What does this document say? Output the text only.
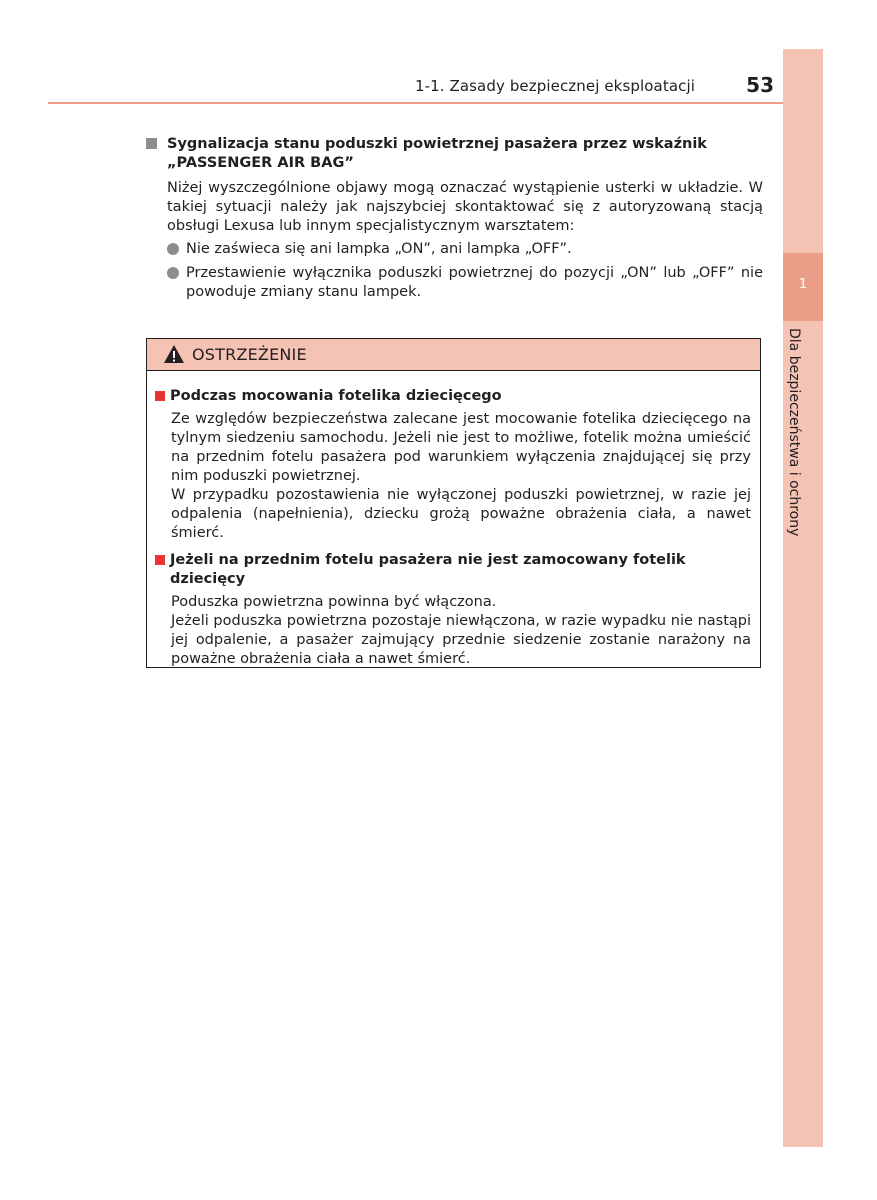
1-1. Zasady bezpiecznej eksploatacji	53
1
Dla bezpieczeństwa i ochrony
Sygnalizacja stanu poduszki powietrznej pasażera przez wskaźnik „PASSENGER AIR BAG”
Niżej wyszczególnione objawy mogą oznaczać wystąpienie usterki w układzie. W takiej sytuacji należy jak najszybciej skontaktować się z autoryzowaną stacją obsługi Lexusa lub innym specjalistycznym warsztatem:
Nie zaświeca się ani lampka „ON”, ani lampka „OFF”.
Przestawienie wyłącznika poduszki powietrznej do pozycji „ON” lub „OFF” nie powoduje zmiany stanu lampek.
OSTRZEŻENIE
Podczas mocowania fotelika dziecięcego

Ze względów bezpieczeństwa zalecane jest mocowanie fotelika dziecięcego na tylnym siedzeniu samochodu. Jeżeli nie jest to możliwe, fotelik można umieścić na przednim fotelu pasażera pod warunkiem wyłączenia znajdującej się przy nim poduszki powietrznej.

W przypadku pozostawienia nie wyłączonej poduszki powietrznej, w razie jej odpalenia (napełnienia), dziecku grożą poważne obrażenia ciała, a nawet śmierć.

Jeżeli na przednim fotelu pasażera nie jest zamocowany fotelik dziecięcy

Poduszka powietrzna powinna być włączona.

Jeżeli poduszka powietrzna pozostaje niewłączona, w razie wypadku nie nastąpi jej odpalenie, a pasażer zajmujący przednie siedzenie zostanie narażony na poważne obrażenia ciała a nawet śmierć.
